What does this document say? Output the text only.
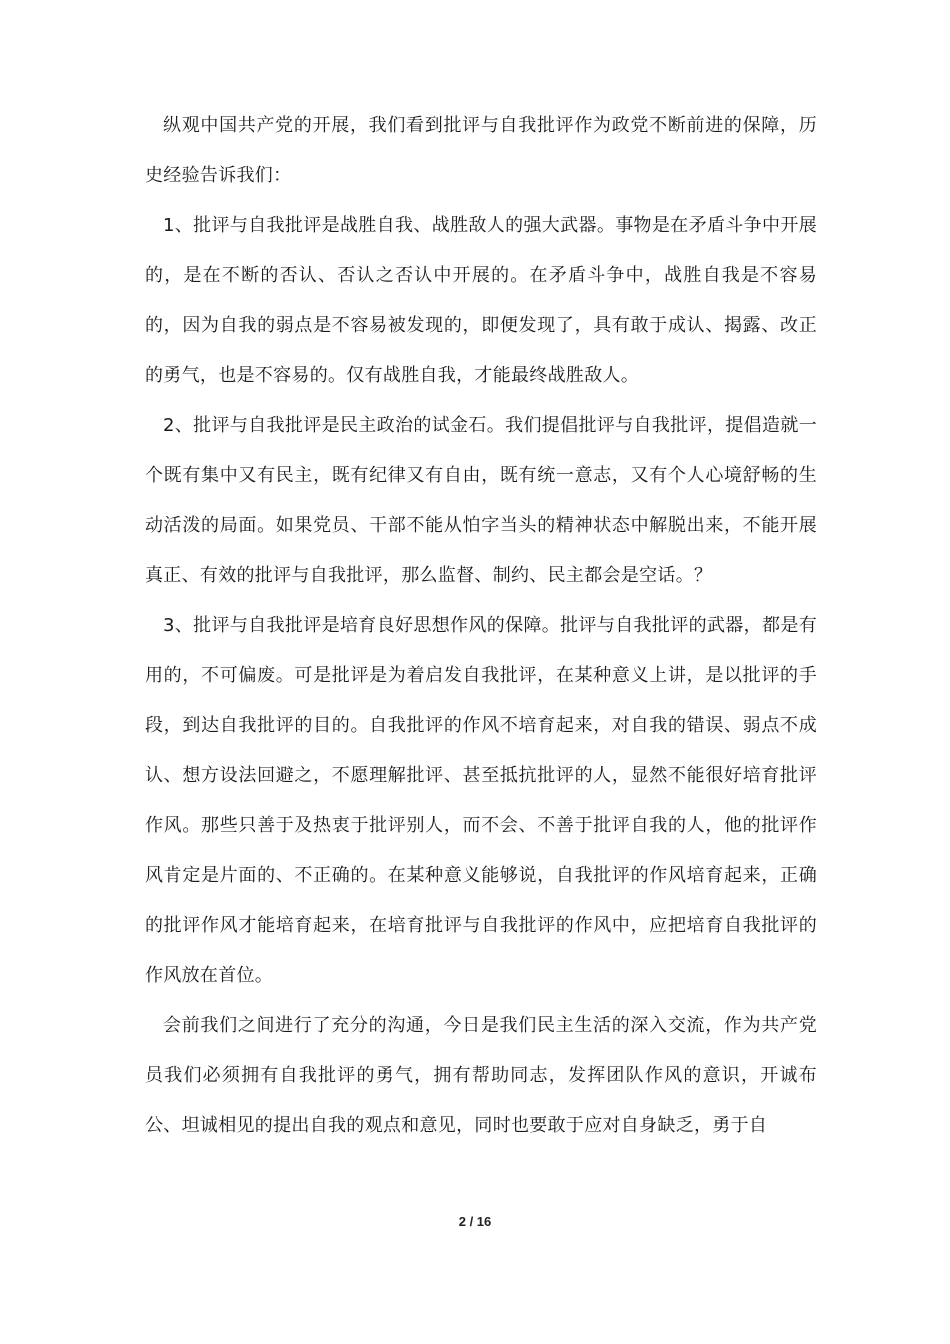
纵观中国共产党的开展，我们看到批评与自我批评作为政党不断前进的保障，历史经验告诉我们：

1、批评与自我批评是战胜自我、战胜敌人的强大武器。事物是在矛盾斗争中开展的，是在不断的否认、否认之否认中开展的。在矛盾斗争中，战胜自我是不容易的，因为自我的弱点是不容易被发现的，即便发现了，具有敢于成认、揭露、改正的勇气，也是不容易的。仅有战胜自我，才能最终战胜敌人。

2、批评与自我批评是民主政治的试金石。我们提倡批评与自我批评，提倡造就一个既有集中又有民主，既有纪律又有自由，既有统一意志，又有个人心境舒畅的生动活泼的局面。如果党员、干部不能从怕字当头的精神状态中解脱出来，不能开展真正、有效的批评与自我批评，那么监督、制约、民主都会是空话。？

3、批评与自我批评是培育良好思想作风的保障。批评与自我批评的武器，都是有用的，不可偏废。可是批评是为着启发自我批评，在某种意义上讲，是以批评的手段，到达自我批评的目的。自我批评的作风不培育起来，对自我的错误、弱点不成认、想方设法回避之，不愿理解批评、甚至抵抗批评的人，显然不能很好培育批评作风。那些只善于及热衷于批评别人，而不会、不善于批评自我的人，他的批评作风肯定是片面的、不正确的。在某种意义能够说，自我批评的作风培育起来，正确的批评作风才能培育起来，在培育批评与自我批评的作风中，应把培育自我批评的作风放在首位。

会前我们之间进行了充分的沟通，今日是我们民主生活的深入交流，作为共产党员我们必须拥有自我批评的勇气，拥有帮助同志，发挥团队作风的意识，开诚布公、坦诚相见的提出自我的观点和意见，同时也要敢于应对自身缺乏，勇于自

2 / 16
